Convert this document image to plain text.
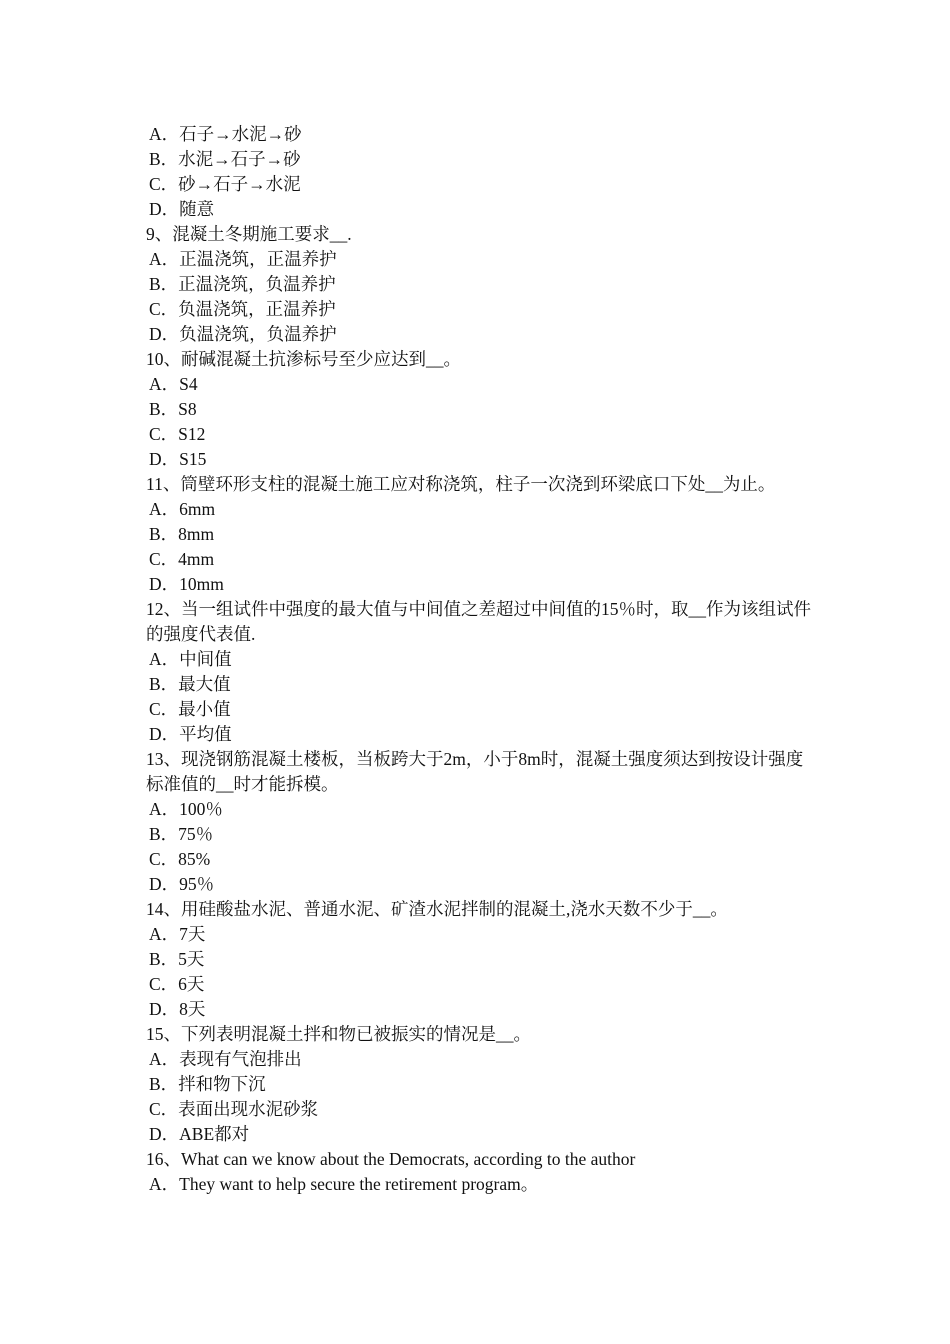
A．石子→水泥→砂
B．水泥→石子→砂
C．砂→石子→水泥
D．随意
9、混凝土冬期施工要求__.
A．正温浇筑，正温养护
B．正温浇筑，负温养护
C．负温浇筑，正温养护
D．负温浇筑，负温养护
10、耐碱混凝土抗渗标号至少应达到__。
A．S4
B．S8
C．S12
D．S15
11、筒壁环形支柱的混凝土施工应对称浇筑，柱子一次浇到环梁底口下处__为止。
A．6mm
B．8mm
C．4mm
D．10mm
12、当一组试件中强度的最大值与中间值之差超过中间值的15％时，取__作为该组试件的强度代表值.
A．中间值
B．最大值
C．最小值
D．平均值
13、现浇钢筋混凝土楼板，当板跨大于2m，小于8m时，混凝土强度须达到按设计强度标准值的__时才能拆模。
A．100％
B．75％
C．85%
D．95％
14、用硅酸盐水泥、普通水泥、矿渣水泥拌制的混凝土,浇水天数不少于__。
A．7天
B．5天
C．6天
D．8天
15、下列表明混凝土拌和物已被振实的情况是__。
A．表现有气泡排出
B．拌和物下沉
C．表面出现水泥砂浆
D．ABE都对
16、What can we know about the Democrats, according to the author
A．They want to help secure the retirement program。
